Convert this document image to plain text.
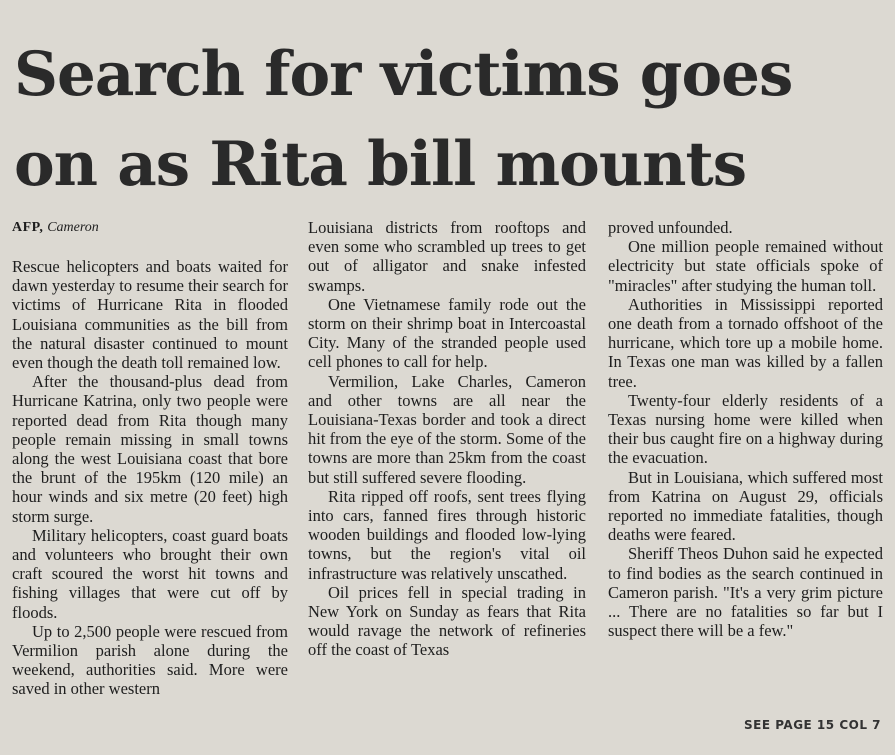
Search for victims goes
on as Rita bill mounts
AFP, Cameron

Rescue helicopters and boats waited for dawn yesterday to resume their search for victims of Hurricane Rita in flooded Louisiana communities as the bill from the natural disaster continued to mount even though the death toll remained low.

After the thousand-plus dead from Hurricane Katrina, only two people were reported dead from Rita though many people remain missing in small towns along the west Louisiana coast that bore the brunt of the 195km (120 mile) an hour winds and six metre (20 feet) high storm surge.

Military helicopters, coast guard boats and volunteers who brought their own craft scoured the worst hit towns and fishing villages that were cut off by floods.

Up to 2,500 people were rescued from Vermilion parish alone during the weekend, authorities said. More were saved in other western

Louisiana districts from rooftops and even some who scrambled up trees to get out of alligator and snake infested swamps.

One Vietnamese family rode out the storm on their shrimp boat in Intercoastal City. Many of the stranded people used cell phones to call for help.

Vermilion, Lake Charles, Cameron and other towns are all near the Louisiana-Texas border and took a direct hit from the eye of the storm. Some of the towns are more than 25km from the coast but still suffered severe flooding.

Rita ripped off roofs, sent trees flying into cars, fanned fires through historic wooden buildings and flooded low-lying towns, but the region's vital oil infrastructure was relatively unscathed.

Oil prices fell in special trading in New York on Sunday as fears that Rita would ravage the network of refineries off the coast of Texas

proved unfounded.

One million people remained without electricity but state officials spoke of "miracles" after studying the human toll.

Authorities in Mississippi reported one death from a tornado offshoot of the hurricane, which tore up a mobile home. In Texas one man was killed by a fallen tree.

Twenty-four elderly residents of a Texas nursing home were killed when their bus caught fire on a highway during the evacuation.

But in Louisiana, which suffered most from Katrina on August 29, officials reported no immediate fatalities, though deaths were feared.

Sheriff Theos Duhon said he expected to find bodies as the search continued in Cameron parish. "It's a very grim picture ... There are no fatalities so far but I suspect there will be a few."

SEE PAGE 15 COL 7
